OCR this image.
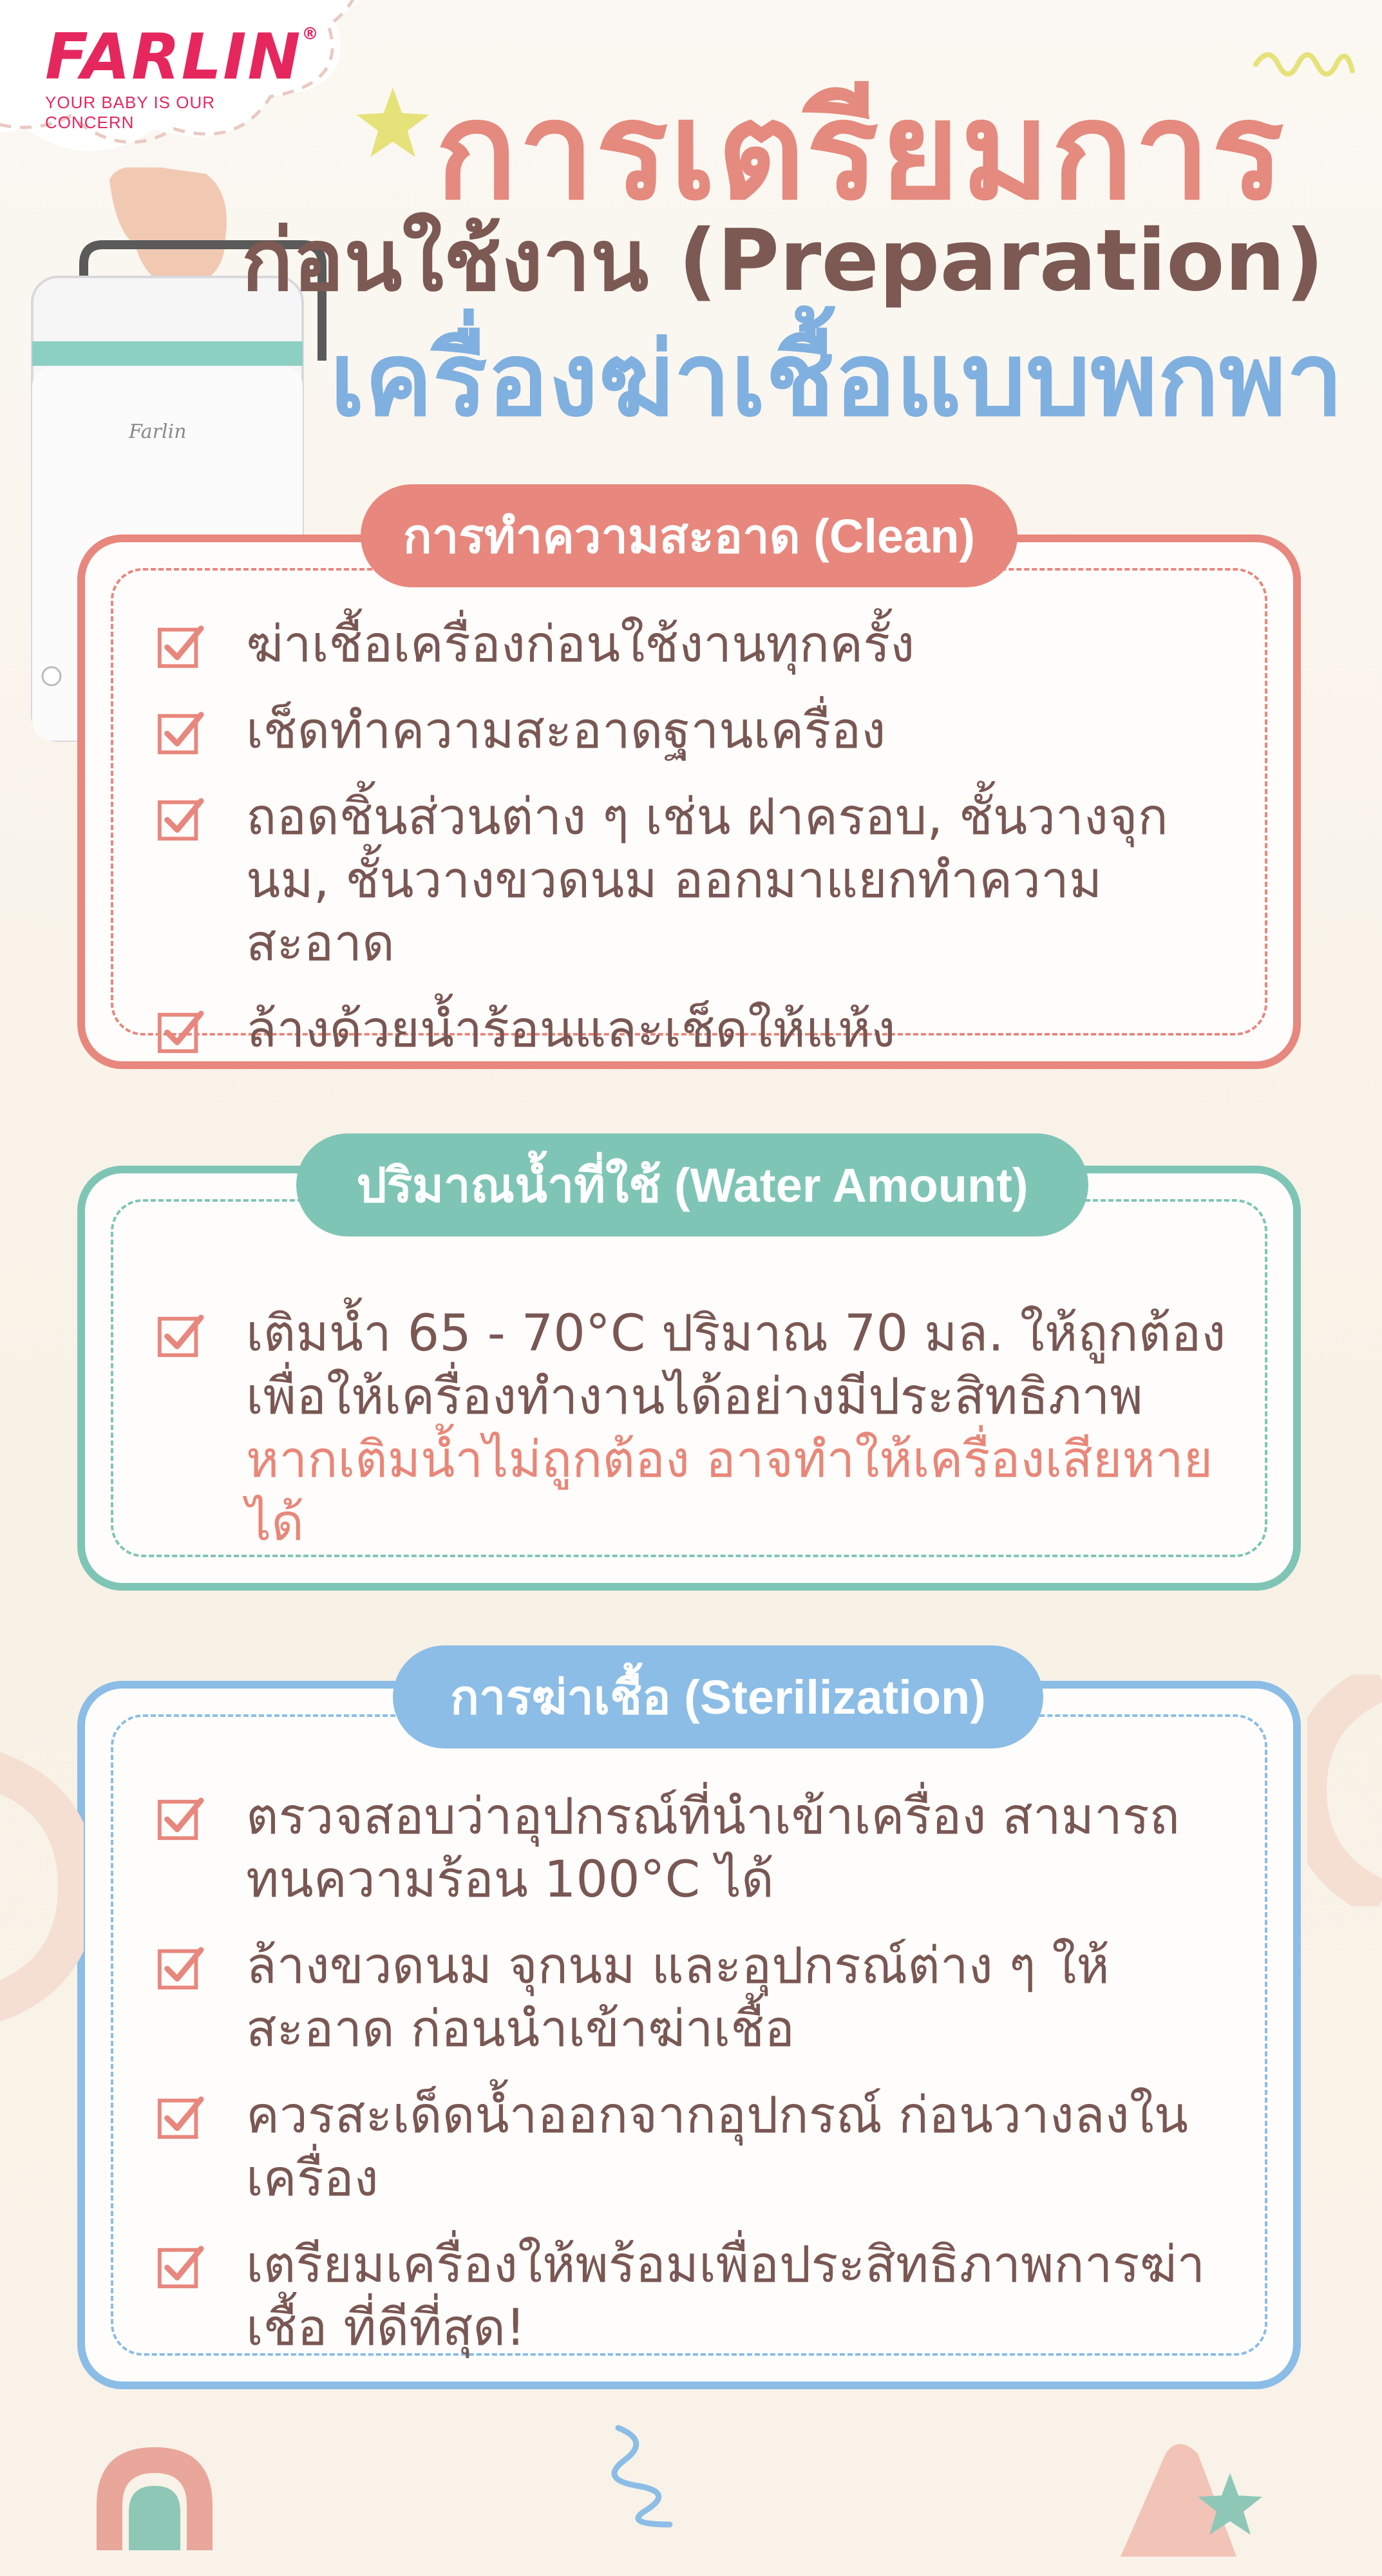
FARLIN®
YOUR BABY IS OUR CONCERN
Farlin
การเตรียมการ
ก่อนใช้งาน (Preparation)
เครื่องฆ่าเชื้อแบบพกพา
ฆ่าเชื้อเครื่องก่อนใช้งานทุกครั้ง
เช็ดทำความสะอาดฐานเครื่อง
ถอดชิ้นส่วนต่าง ๆ เช่น ฝาครอบ, ชั้นวางจุกนม, ชั้นวางขวดนม ออกมาแยกทำความสะอาด
ล้างด้วยน้ำร้อนและเช็ดให้แห้ง
การทำความสะอาด (Clean)
เติมน้ำ 65 - 70°C ปริมาณ 70 มล. ให้ถูกต้อง เพื่อให้เครื่องทำงานได้อย่างมีประสิทธิภาพ
หากเติมน้ำไม่ถูกต้อง อาจทำให้เครื่องเสียหายได้
ปริมาณน้ำที่ใช้ (Water Amount)
ตรวจสอบว่าอุปกรณ์ที่นำเข้าเครื่อง สามารถทนความร้อน 100°C ได้
ล้างขวดนม จุกนม และอุปกรณ์ต่าง ๆ ให้สะอาด ก่อนนำเข้าฆ่าเชื้อ
ควรสะเด็ดน้ำออกจากอุปกรณ์ ก่อนวางลงในเครื่อง
เตรียมเครื่องให้พร้อมเพื่อประสิทธิภาพการฆ่าเชื้อ ที่ดีที่สุด!
การฆ่าเชื้อ (Sterilization)
